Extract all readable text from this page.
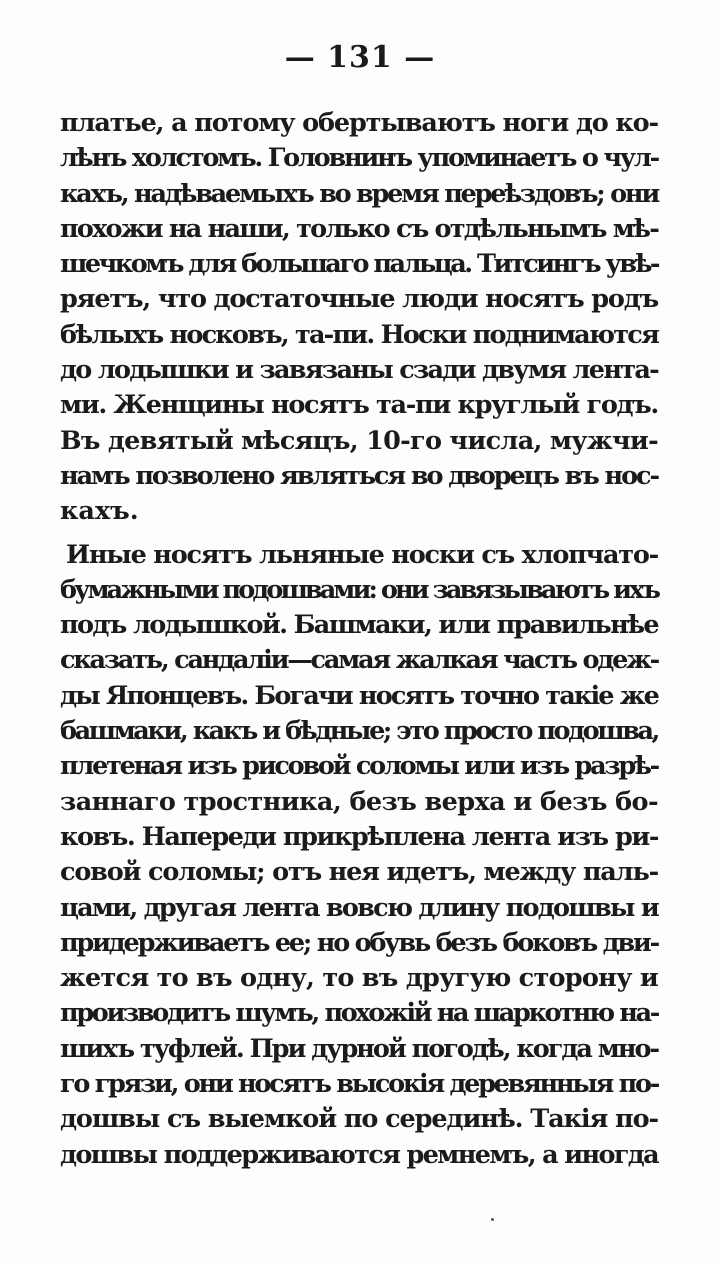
— 131 —
платье, а потому обертываютъ ноги до ко-
лѣнъ холстомъ. Головнинъ упоминаетъ о чул-
кахъ, надѣваемыхъ во время переѣздовъ; они
похожи на наши, только съ отдѣльнымъ мѣ-
шечкомъ для большаго пальца. Титсингъ увѣ-
ряетъ, что достаточные люди носятъ родъ
бѣлыхъ носковъ, та-пи. Носки поднимаются
до лодышки и завязаны сзади двумя лента-
ми. Женщины носятъ та-пи круглый годъ.
Въ девятый мѣсяцъ, 10-го числа, мужчи-
намъ позволено являться во дворецъ въ нос-
кахъ.
Иные носятъ льняные носки съ хлопчато-
бумажными подошвами: они завязываютъ ихъ
подъ лодышкой. Башмаки, или правильнѣе
сказать, сандаліи—самая жалкая часть одеж-
ды Японцевъ. Богачи носятъ точно такіе же
башмаки, какъ и бѣдные; это просто подошва,
плетеная изъ рисовой соломы или изъ разрѣ-
заннаго тростника, безъ верха и безъ бо-
ковъ. Напереди прикрѣплена лента изъ ри-
совой соломы; отъ нея идетъ, между паль-
цами, другая лента вовсю длину подошвы и
придерживаетъ ее; но обувь безъ боковъ дви-
жется то въ одну, то въ другую сторону и
производитъ шумъ, похожій на шаркотню на-
шихъ туфлей. При дурной погодѣ, когда мно-
го грязи, они носятъ высокія деревянныя по-
дошвы съ выемкой по серединѣ. Такія по-
дошвы поддерживаются ремнемъ, а иногда
